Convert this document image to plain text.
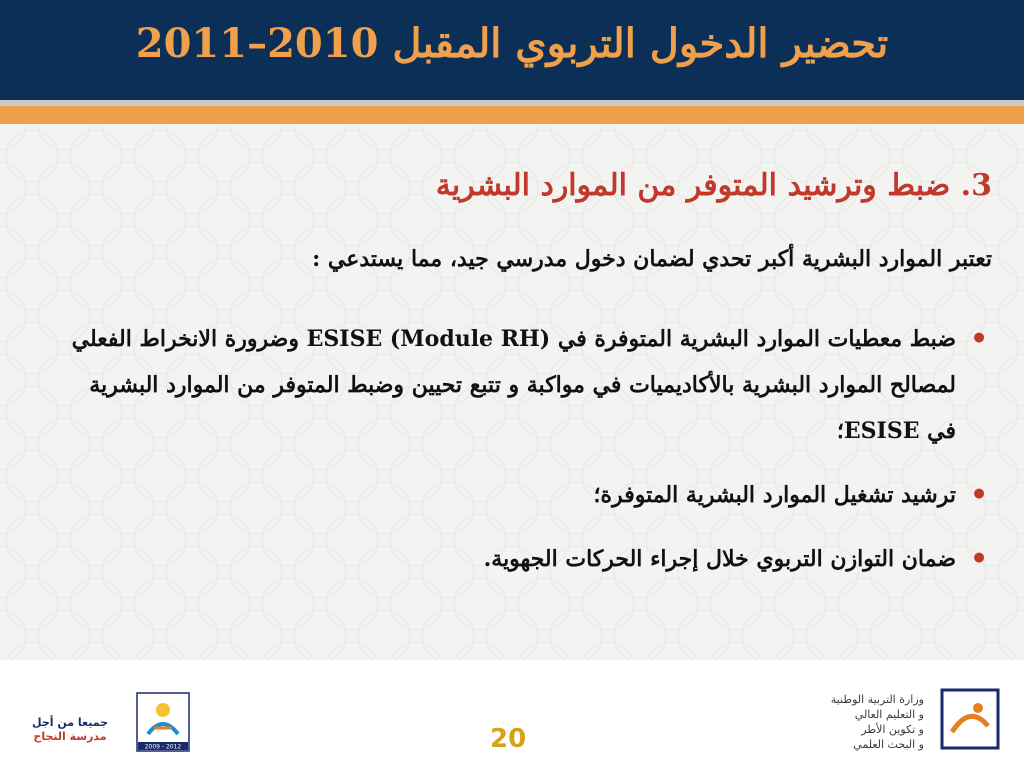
تحضير الدخول التربوي المقبل 2010–2011
3. ضبط وترشيد المتوفر من الموارد البشرية
تعتبر الموارد البشرية أكبر تحدي لضمان دخول مدرسي جيد، مما يستدعي :
•
ضبط معطيات الموارد البشرية المتوفرة في ESISE (Module RH) وضرورة الانخراط الفعلي لمصالح الموارد البشرية بالأكاديميات في مواكبة و تتبع تحيين وضبط المتوفر من الموارد البشرية في ESISE؛
•
ترشيد تشغيل الموارد البشرية المتوفرة؛
•
ضمان التوازن التربوي خلال إجراء الحركات الجهوية.
جميعا من أجل
مدرسة النجاح
2009 - 2012	20
وزارة التربية الوطنية
و التعليم العالي
و تكوين الأطر
و البحث العلمي
